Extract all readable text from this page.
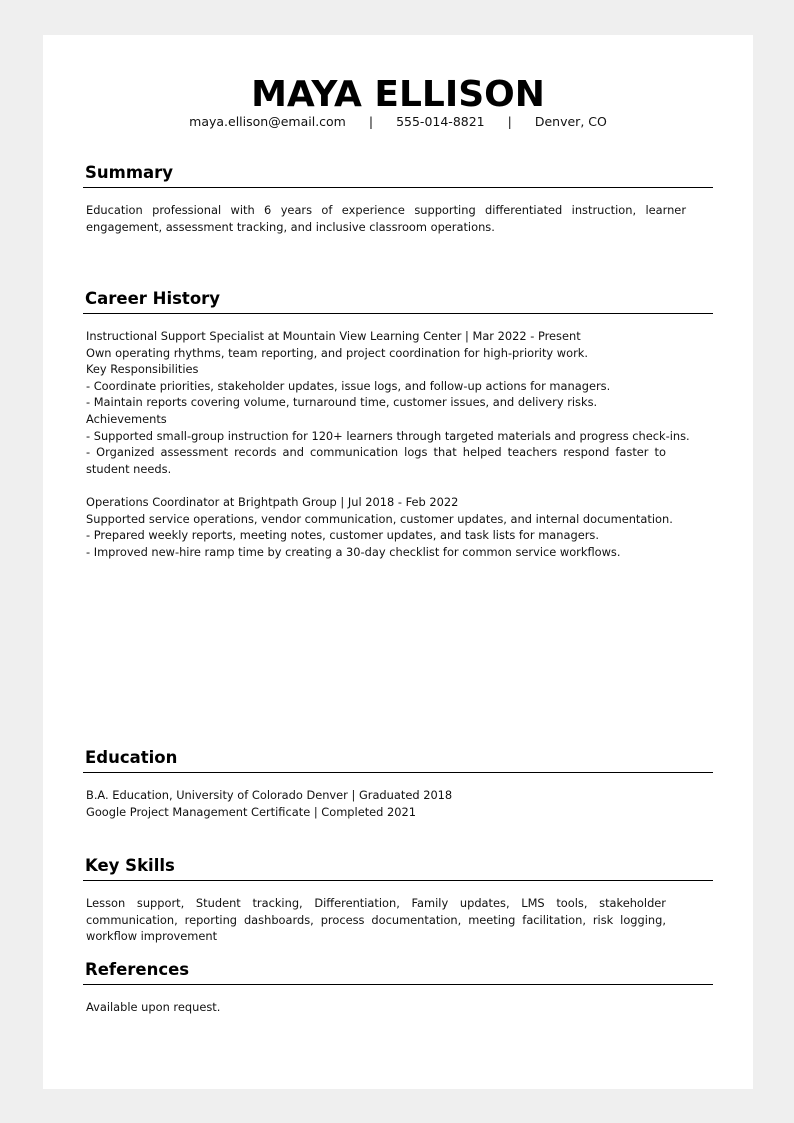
MAYA ELLISON
maya.ellison@email.com | 555-014-8821 | Denver, CO
Summary
Education professional with 6 years of experience supporting differentiated instruction, learner engagement, assessment tracking, and inclusive classroom operations.
Career History
Instructional Support Specialist at Mountain View Learning Center | Mar 2022 - Present
Own operating rhythms, team reporting, and project coordination for high-priority work.
Key Responsibilities
- Coordinate priorities, stakeholder updates, issue logs, and follow-up actions for managers.
- Maintain reports covering volume, turnaround time, customer issues, and delivery risks.
Achievements
- Supported small-group instruction for 120+ learners through targeted materials and progress check-ins.
- Organized assessment records and communication logs that helped teachers respond faster to student needs.
Operations Coordinator at Brightpath Group | Jul 2018 - Feb 2022
Supported service operations, vendor communication, customer updates, and internal documentation.
- Prepared weekly reports, meeting notes, customer updates, and task lists for managers.
- Improved new-hire ramp time by creating a 30-day checklist for common service workflows.
Education
B.A. Education, University of Colorado Denver | Graduated 2018
Google Project Management Certificate | Completed 2021
Key Skills
Lesson support, Student tracking, Differentiation, Family updates, LMS tools, stakeholder communication, reporting dashboards, process documentation, meeting facilitation, risk logging, workflow improvement
References
Available upon request.
